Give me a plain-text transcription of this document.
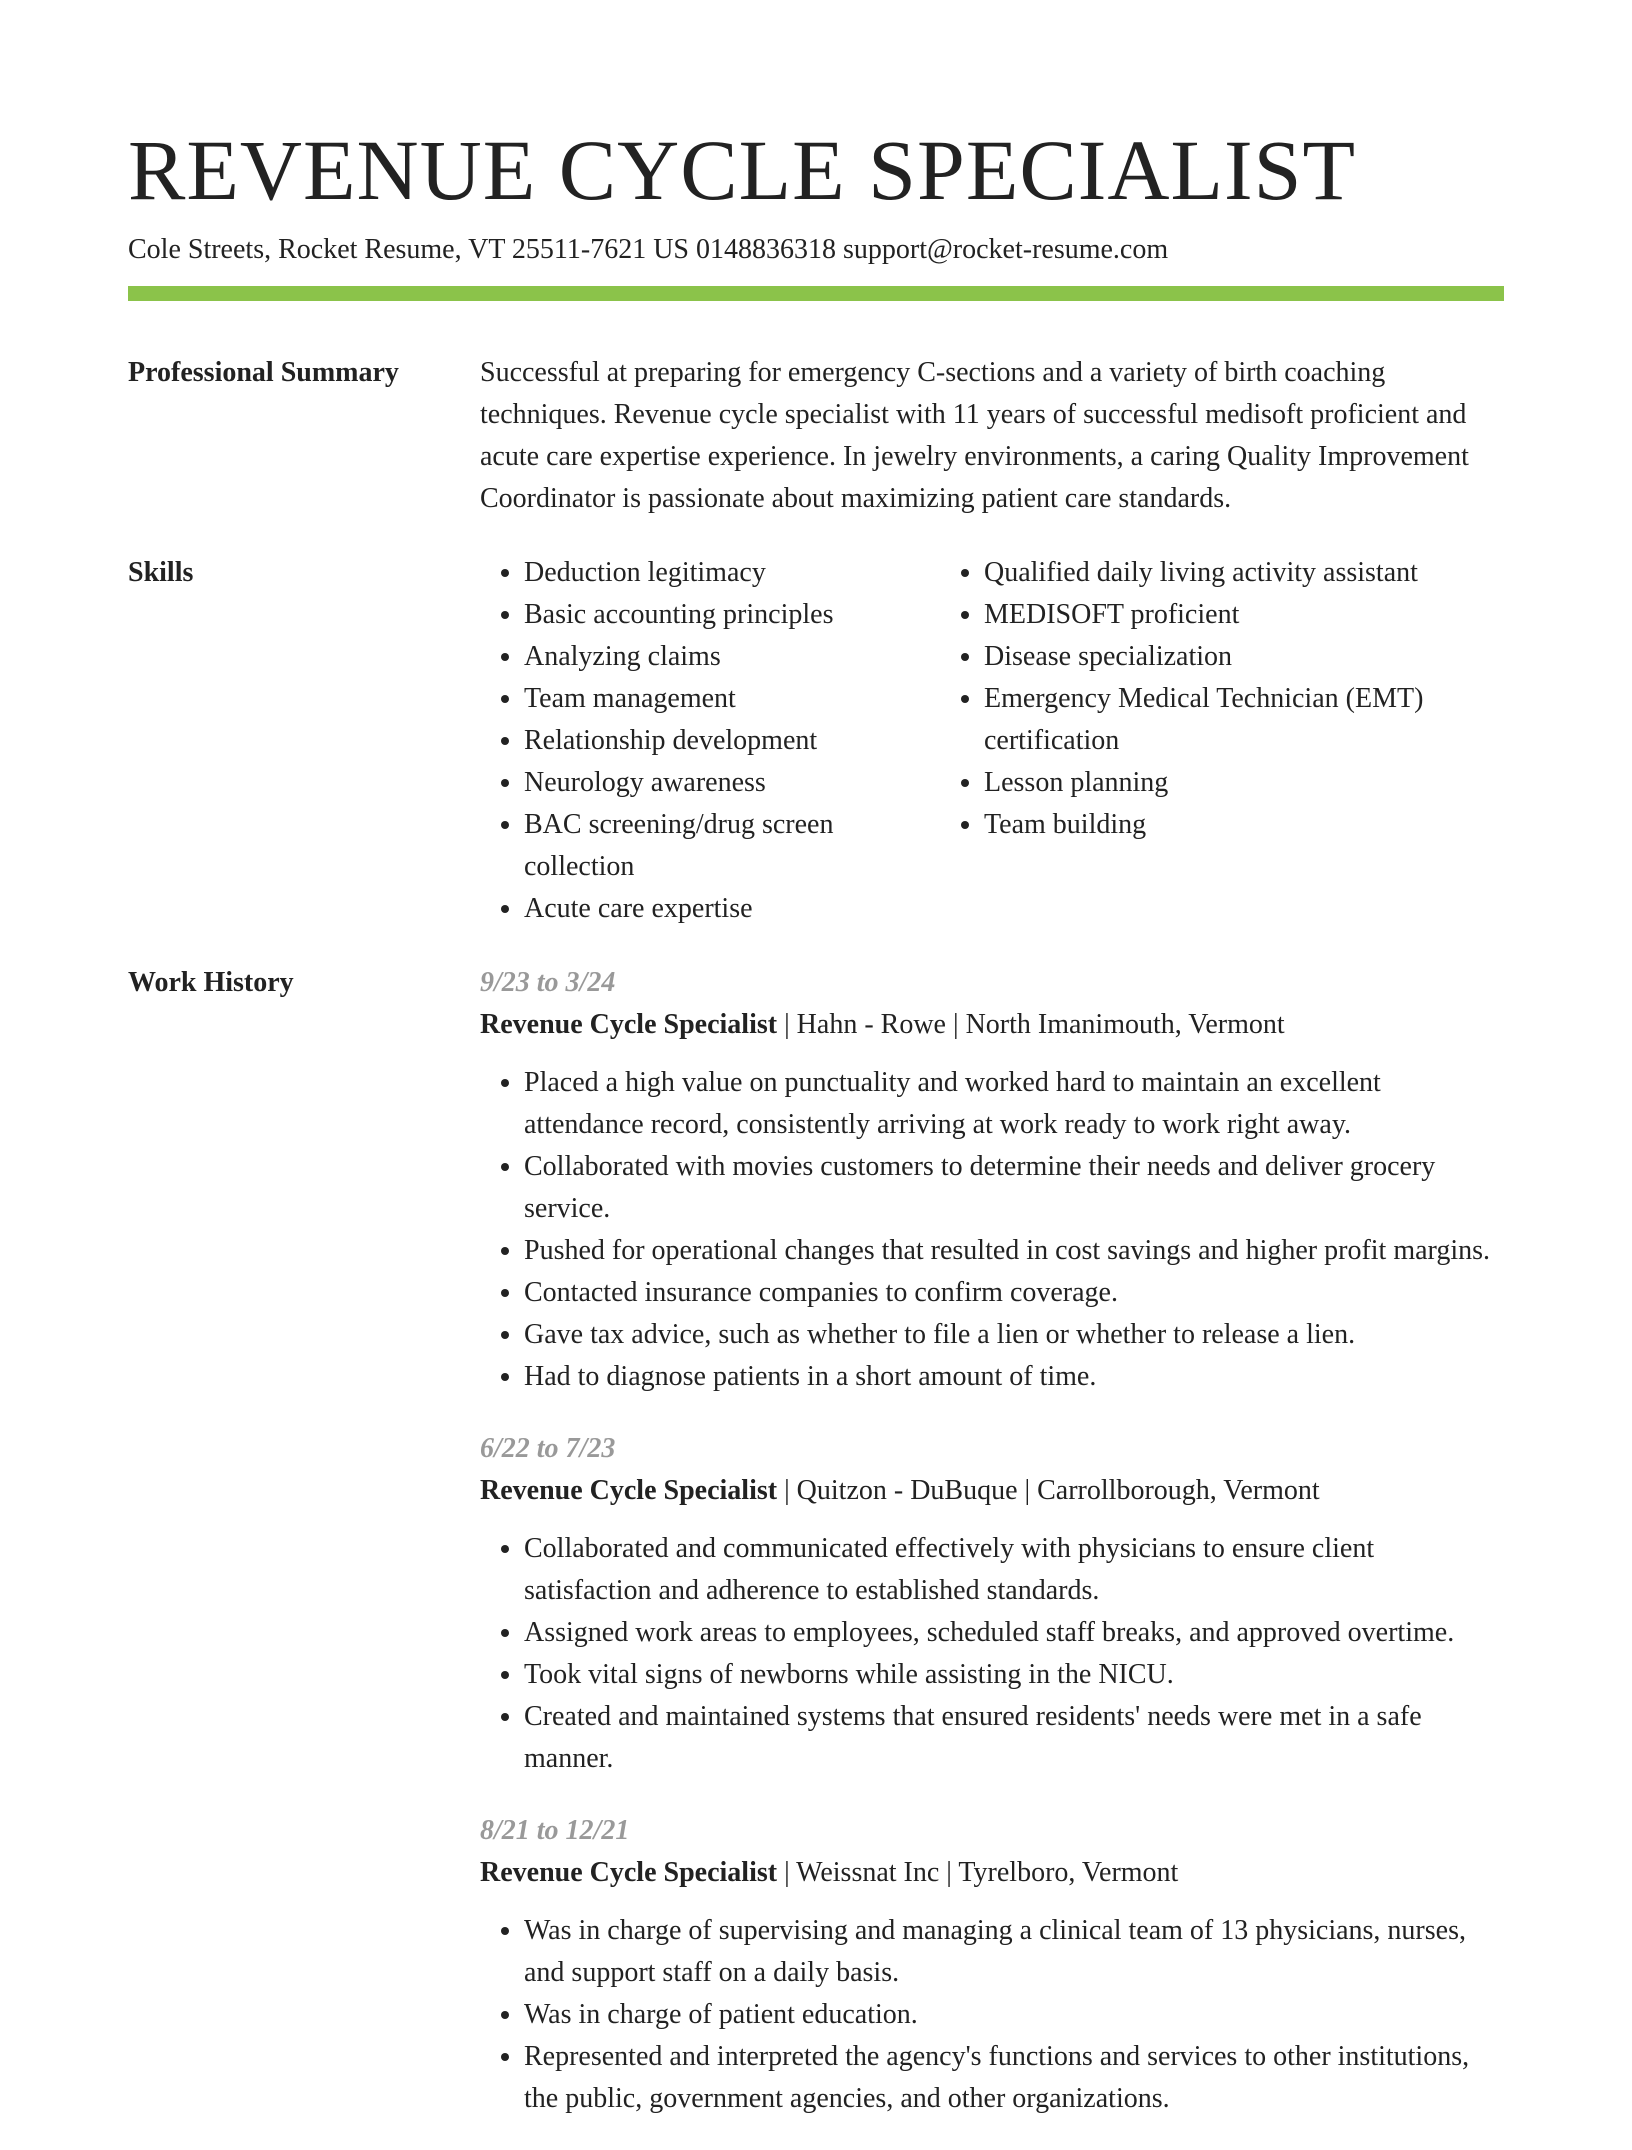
REVENUE CYCLE SPECIALIST
Cole Streets, Rocket Resume, VT 25511-7621 US 0148836318 support@rocket-resume.com
Professional Summary	Successful at preparing for emergency C-sections and a variety of birth coaching techniques. Revenue cycle specialist with 11 years of successful medisoft proficient and acute care expertise experience. In jewelry environments, a caring Quality Improvement Coordinator is passionate about maximizing patient care standards.

Skills
•	Deduction legitimacy
• Basic accounting principles
• Analyzing claims
• Team management
• Relationship development
• Neurology awareness
• BAC screening/drug screen collection
• Acute care expertise
• Qualified daily living activity assistant
• MEDISOFT proficient
• Disease specialization
• Emergency Medical Technician (EMT) certification
• Lesson planning
• Team building
Work History	9/23 to 3/24
Revenue Cycle Specialist | Hahn - Rowe | North Imanimouth, Vermont
• Placed a high value on punctuality and worked hard to maintain an excellent attendance record, consistently arriving at work ready to work right away.
• Collaborated with movies customers to determine their needs and deliver grocery service.
• Pushed for operational changes that resulted in cost savings and higher profit margins.
• Contacted insurance companies to confirm coverage.
• Gave tax advice, such as whether to file a lien or whether to release a lien.
• Had to diagnose patients in a short amount of time.
6/22 to 7/23
Revenue Cycle Specialist | Quitzon - DuBuque | Carrollborough, Vermont
• Collaborated and communicated effectively with physicians to ensure client satisfaction and adherence to established standards.
• Assigned work areas to employees, scheduled staff breaks, and approved overtime.
• Took vital signs of newborns while assisting in the NICU.
• Created and maintained systems that ensured residents' needs were met in a safe manner.
8/21 to 12/21
Revenue Cycle Specialist | Weissnat Inc | Tyrelboro, Vermont
• Was in charge of supervising and managing a clinical team of 13 physicians, nurses, and support staff on a daily basis.
• Was in charge of patient education.
• Represented and interpreted the agency's functions and services to other institutions, the public, government agencies, and other organizations.
